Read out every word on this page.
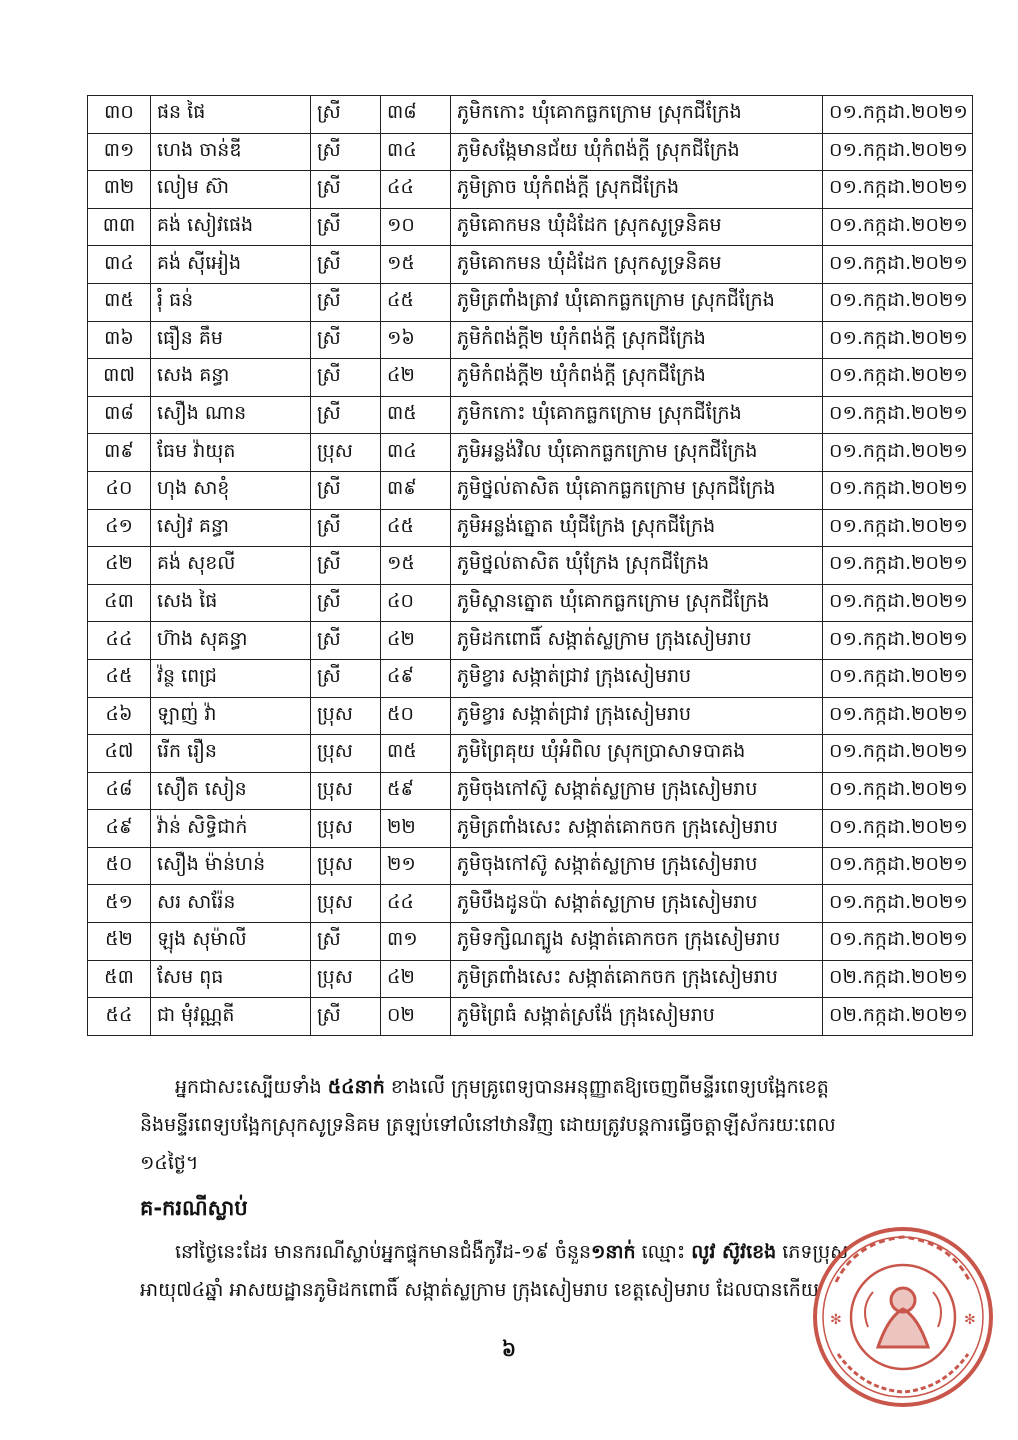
៣០	ផន ផៃ	ស្រី	៣៨	ភូមិកកោះ ឃុំគោកធ្លកក្រោម ស្រុកជីក្រែង	០១.កក្កដា.២០២១
៣១	ហេង ចាន់ឌី	ស្រី	៣៤	ភូមិសង្កែមានជ័យ ឃុំកំពង់ក្ដី ស្រុកជីក្រែង	០១.កក្កដា.២០២១
៣២	លៀម ស៊ា	ស្រី	៤៤	ភូមិត្រាច ឃុំកំពង់ក្ដី ស្រុកជីក្រែង	០១.កក្កដា.២០២១
៣៣	គង់ សៀវផេង	ស្រី	១០	ភូមិគោកមន ឃុំដំដែក ស្រុកសូទ្រនិគម	០១.កក្កដា.២០២១
៣៤	គង់ ស៊ីអៀង	ស្រី	១៥	ភូមិគោកមន ឃុំដំដែក ស្រុកសូទ្រនិគម	០១.កក្កដា.២០២១
៣៥	រុំ ធន់	ស្រី	៤៥	ភូមិត្រពាំងត្រាវ ឃុំគោកធ្លកក្រោម ស្រុកជីក្រែង	០១.កក្កដា.២០២១
៣៦	ធឿន គឹម	ស្រី	១៦	ភូមិកំពង់ក្ដី២ ឃុំកំពង់ក្ដី ស្រុកជីក្រែង	០១.កក្កដា.២០២១
៣៧	សេង គន្ធា	ស្រី	៤២	ភូមិកំពង់ក្ដី២ ឃុំកំពង់ក្ដី ស្រុកជីក្រែង	០១.កក្កដា.២០២១
៣៨	សឿង ណាន	ស្រី	៣៥	ភូមិកកោះ ឃុំគោកធ្លកក្រោម ស្រុកជីក្រែង	០១.កក្កដា.២០២១
៣៩	ធែម វ៉ាយុត	ប្រុស	៣៤	ភូមិអន្លង់វិល ឃុំគោកធ្លកក្រោម ស្រុកជីក្រែង	០១.កក្កដា.២០២១
៤០	ហុង សាខុំ	ស្រី	៣៩	ភូមិថ្នល់តាសិត ឃុំគោកធ្លកក្រោម ស្រុកជីក្រែង	០១.កក្កដា.២០២១
៤១	សៀវ គន្ធា	ស្រី	៤៥	ភូមិអន្លង់ត្នោត ឃុំជីក្រែង ស្រុកជីក្រែង	០១.កក្កដា.២០២១
៤២	គង់ សុខលី	ស្រី	១៥	ភូមិថ្នល់តាសិត ឃុំក្រែង ស្រុកជីក្រែង	០១.កក្កដា.២០២១
៤៣	សេង ផៃ	ស្រី	៤០	ភូមិស្ពានត្នោត ឃុំគោកធ្លកក្រោម ស្រុកជីក្រែង	០១.កក្កដា.២០២១
៤៤	ហ៊ាង សុគន្ធា	ស្រី	៤២	ភូមិដកពោធិ៍ សង្កាត់ស្លក្រាម ក្រុងសៀមរាប	០១.កក្កដា.២០២១
៤៥	វ៉ន្ថ ពេជ្រ	ស្រី	៤៩	ភូមិខ្វារ សង្កាត់ជ្រាវ ក្រុងសៀមរាប	០១.កក្កដា.២០២១
៤៦	ឡាញ់ វ៉ា	ប្រុស	៥០	ភូមិខ្វារ សង្កាត់ជ្រាវ ក្រុងសៀមរាប	០១.កក្កដា.២០២១
៤៧	រើក រឿន	ប្រុស	៣៥	ភូមិព្រៃគុយ ឃុំអំពិល ស្រុកប្រាសាទបាគង	០១.កក្កដា.២០២១
៤៨	សឿត សៀន	ប្រុស	៥៩	ភូមិចុងកៅស៊ូ សង្កាត់ស្លក្រាម ក្រុងសៀមរាប	០១.កក្កដា.២០២១
៤៩	វ៉ាន់ សិទ្ធិជាក់	ប្រុស	២២	ភូមិត្រពាំងសេះ សង្កាត់គោកចក ក្រុងសៀមរាប	០១.កក្កដា.២០២១
៥០	សឿង ម៉ាន់ហន់	ប្រុស	២១	ភូមិចុងកៅស៊ូ សង្កាត់ស្លក្រាម ក្រុងសៀមរាប	០១.កក្កដា.២០២១
៥១	សរ សារ៉ែន	ប្រុស	៤៤	ភូមិបឹងដូនប៉ា សង្កាត់ស្លក្រាម ក្រុងសៀមរាប	០១.កក្កដា.២០២១
៥២	ឡុង សុម៉ាលី	ស្រី	៣១	ភូមិទក្សិណត្បូង សង្កាត់គោកចក ក្រុងសៀមរាប	០១.កក្កដា.២០២១
៥៣	សែម ពុធ	ប្រុស	៤២	ភូមិត្រពាំងសេះ សង្កាត់គោកចក ក្រុងសៀមរាប	០២.កក្កដា.២០២១
៥៤	ជា មុំវណ្ណតី	ស្រី	០២	ភូមិព្រៃធំ សង្កាត់ស្រង៉ែ ក្រុងសៀមរាប	០២.កក្កដា.២០២១
អ្នកជាសះស្បើយទាំង ៥៤នាក់ ខាងលើ ក្រុមគ្រូពេទ្យបានអនុញ្ញាតឱ្យចេញពីមន្ទីរពេទ្យបង្អែកខេត្ត
និងមន្ទីរពេទ្យបង្អែកស្រុកសូទ្រនិគម ត្រឡប់ទៅលំនៅឋានវិញ ដោយត្រូវបន្តការធ្វើចត្តាឡីស័ករយៈពេល
១៤ថ្ងៃ។
គ-ករណីស្លាប់
នៅថ្ងៃនេះដែរ មានករណីស្លាប់អ្នកផ្ទុកមានជំងឺកូវីដ-១៩ ចំនួន១នាក់ ឈ្មោះ លូវ ស៊ូវខេង ភេទប្រុស
អាយុ៧៤ឆ្នាំ អាសយដ្ឋានភូមិដកពោធិ៍ សង្កាត់ស្លក្រាម ក្រុងសៀមរាប ខេត្តសៀមរាប ដែលបានកើយ
៦
✻	✻
